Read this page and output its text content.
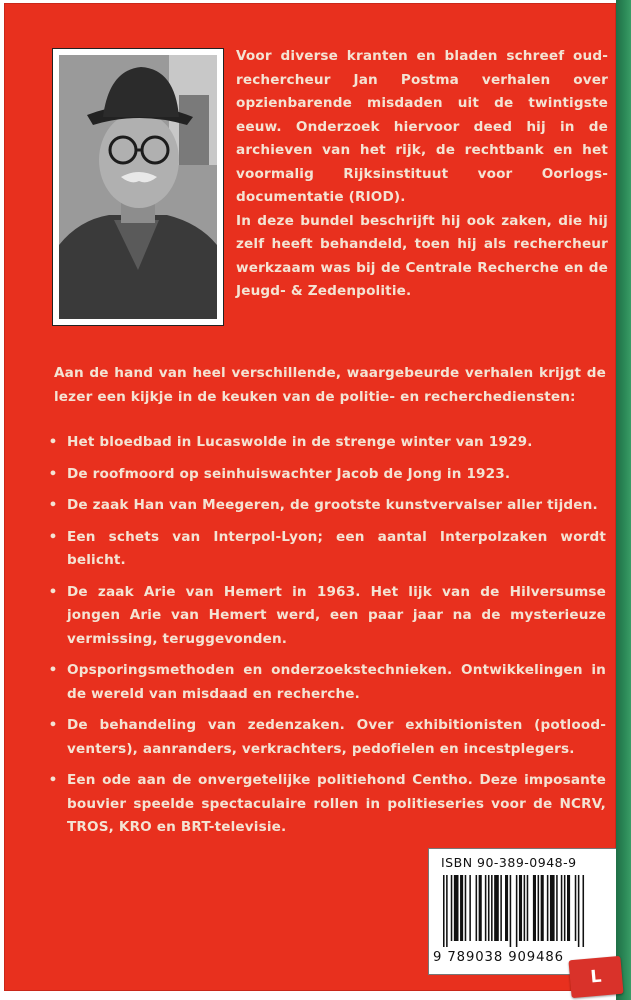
Voor diverse kranten en bladen schreef oud-rechercheur Jan Postma verhalen over opzienbarende misdaden uit de twintigste eeuw. Onderzoek hiervoor deed hij in de archieven van het rijk, de rechtbank en het voormalig Rijksinstituut voor Oorlogs-documentatie (RIOD).

In deze bundel beschrijft hij ook zaken, die hij zelf heeft behandeld, toen hij als rechercheur werkzaam was bij de Centrale Recherche en de Jeugd- & Zedenpolitie.

Aan de hand van heel verschillende, waargebeurde verhalen krijgt de lezer een kijkje in de keuken van de politie- en recherchediensten:

• Het bloedbad in Lucaswolde in de strenge winter van 1929.
• De roofmoord op seinhuiswachter Jacob de Jong in 1923.
• De zaak Han van Meegeren, de grootste kunstvervalser aller tijden.
• Een schets van Interpol-Lyon; een aantal Interpolzaken wordt belicht.
• De zaak Arie van Hemert in 1963. Het lijk van de Hilversumse jongen Arie van Hemert werd, een paar jaar na de mysterieuze vermissing, teruggevonden.
• Opsporingsmethoden en onderzoekstechnieken. Ontwikkelingen in de wereld van misdaad en recherche.
• De behandeling van zedenzaken. Over exhibitionisten (potlood-venters), aanranders, verkrachters, pedofielen en incestplegers.
• Een ode aan de onvergetelijke politiehond Centho. Deze imposante bouvier speelde spectaculaire rollen in politieseries voor de NCRV, TROS, KRO en BRT-televisie.
ISBN 90-389-0948-9
9 789038 909486
L
